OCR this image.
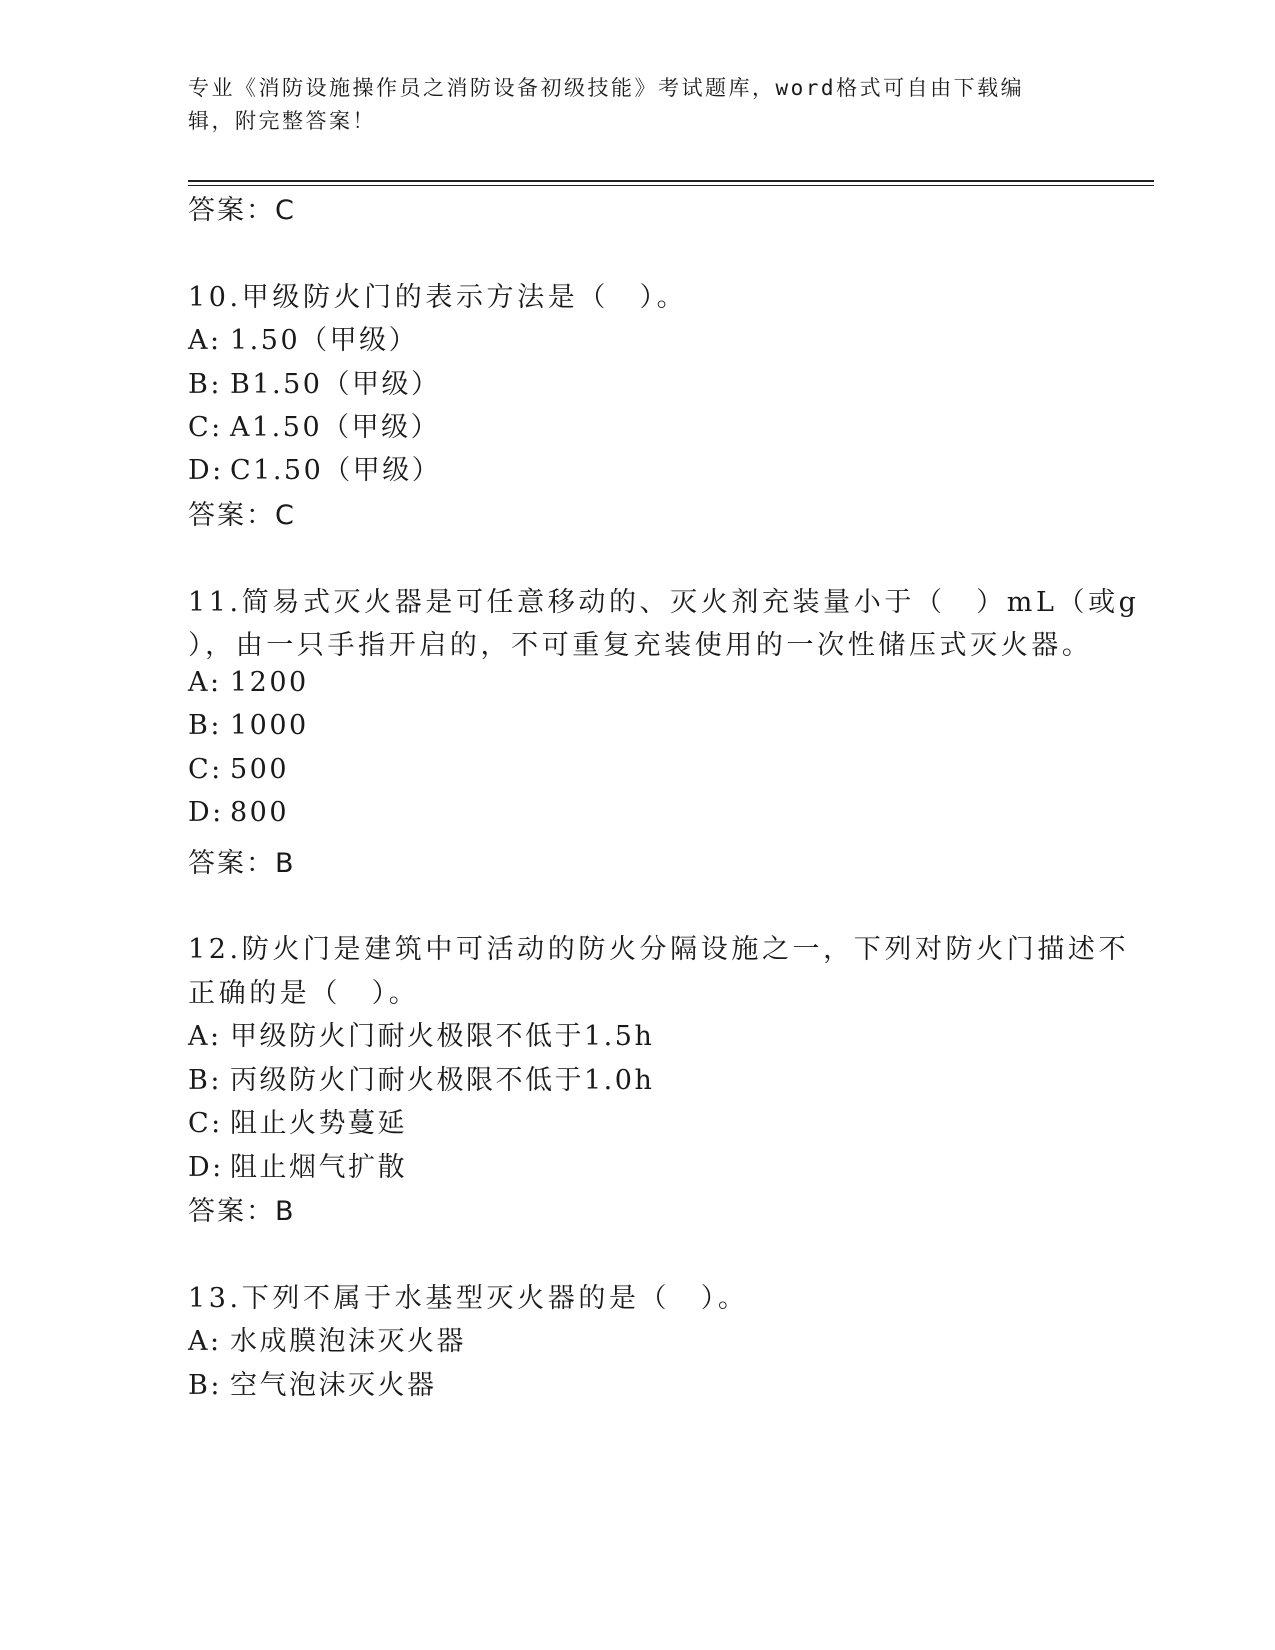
专业《消防设施操作员之消防设备初级技能》考试题库，word格式可自由下载编
辑，附完整答案！
答案：C
10.甲级防火门的表示方法是（　）。
A: 1.50（甲级）
B: B1.50（甲级）
C: A1.50（甲级）
D: C1.50（甲级）
答案：C
11.简易式灭火器是可任意移动的、灭火剂充装量小于（　）mL（或g
），由一只手指开启的，不可重复充装使用的一次性储压式灭火器。
A: 1200
B: 1000
C: 500
D: 800
答案：B
12.防火门是建筑中可活动的防火分隔设施之一，下列对防火门描述不
正确的是（　）。
A: 甲级防火门耐火极限不低于1.5h
B: 丙级防火门耐火极限不低于1.0h
C: 阻止火势蔓延
D: 阻止烟气扩散
答案：B
13.下列不属于水基型灭火器的是（　）。
A: 水成膜泡沫灭火器
B: 空气泡沫灭火器
